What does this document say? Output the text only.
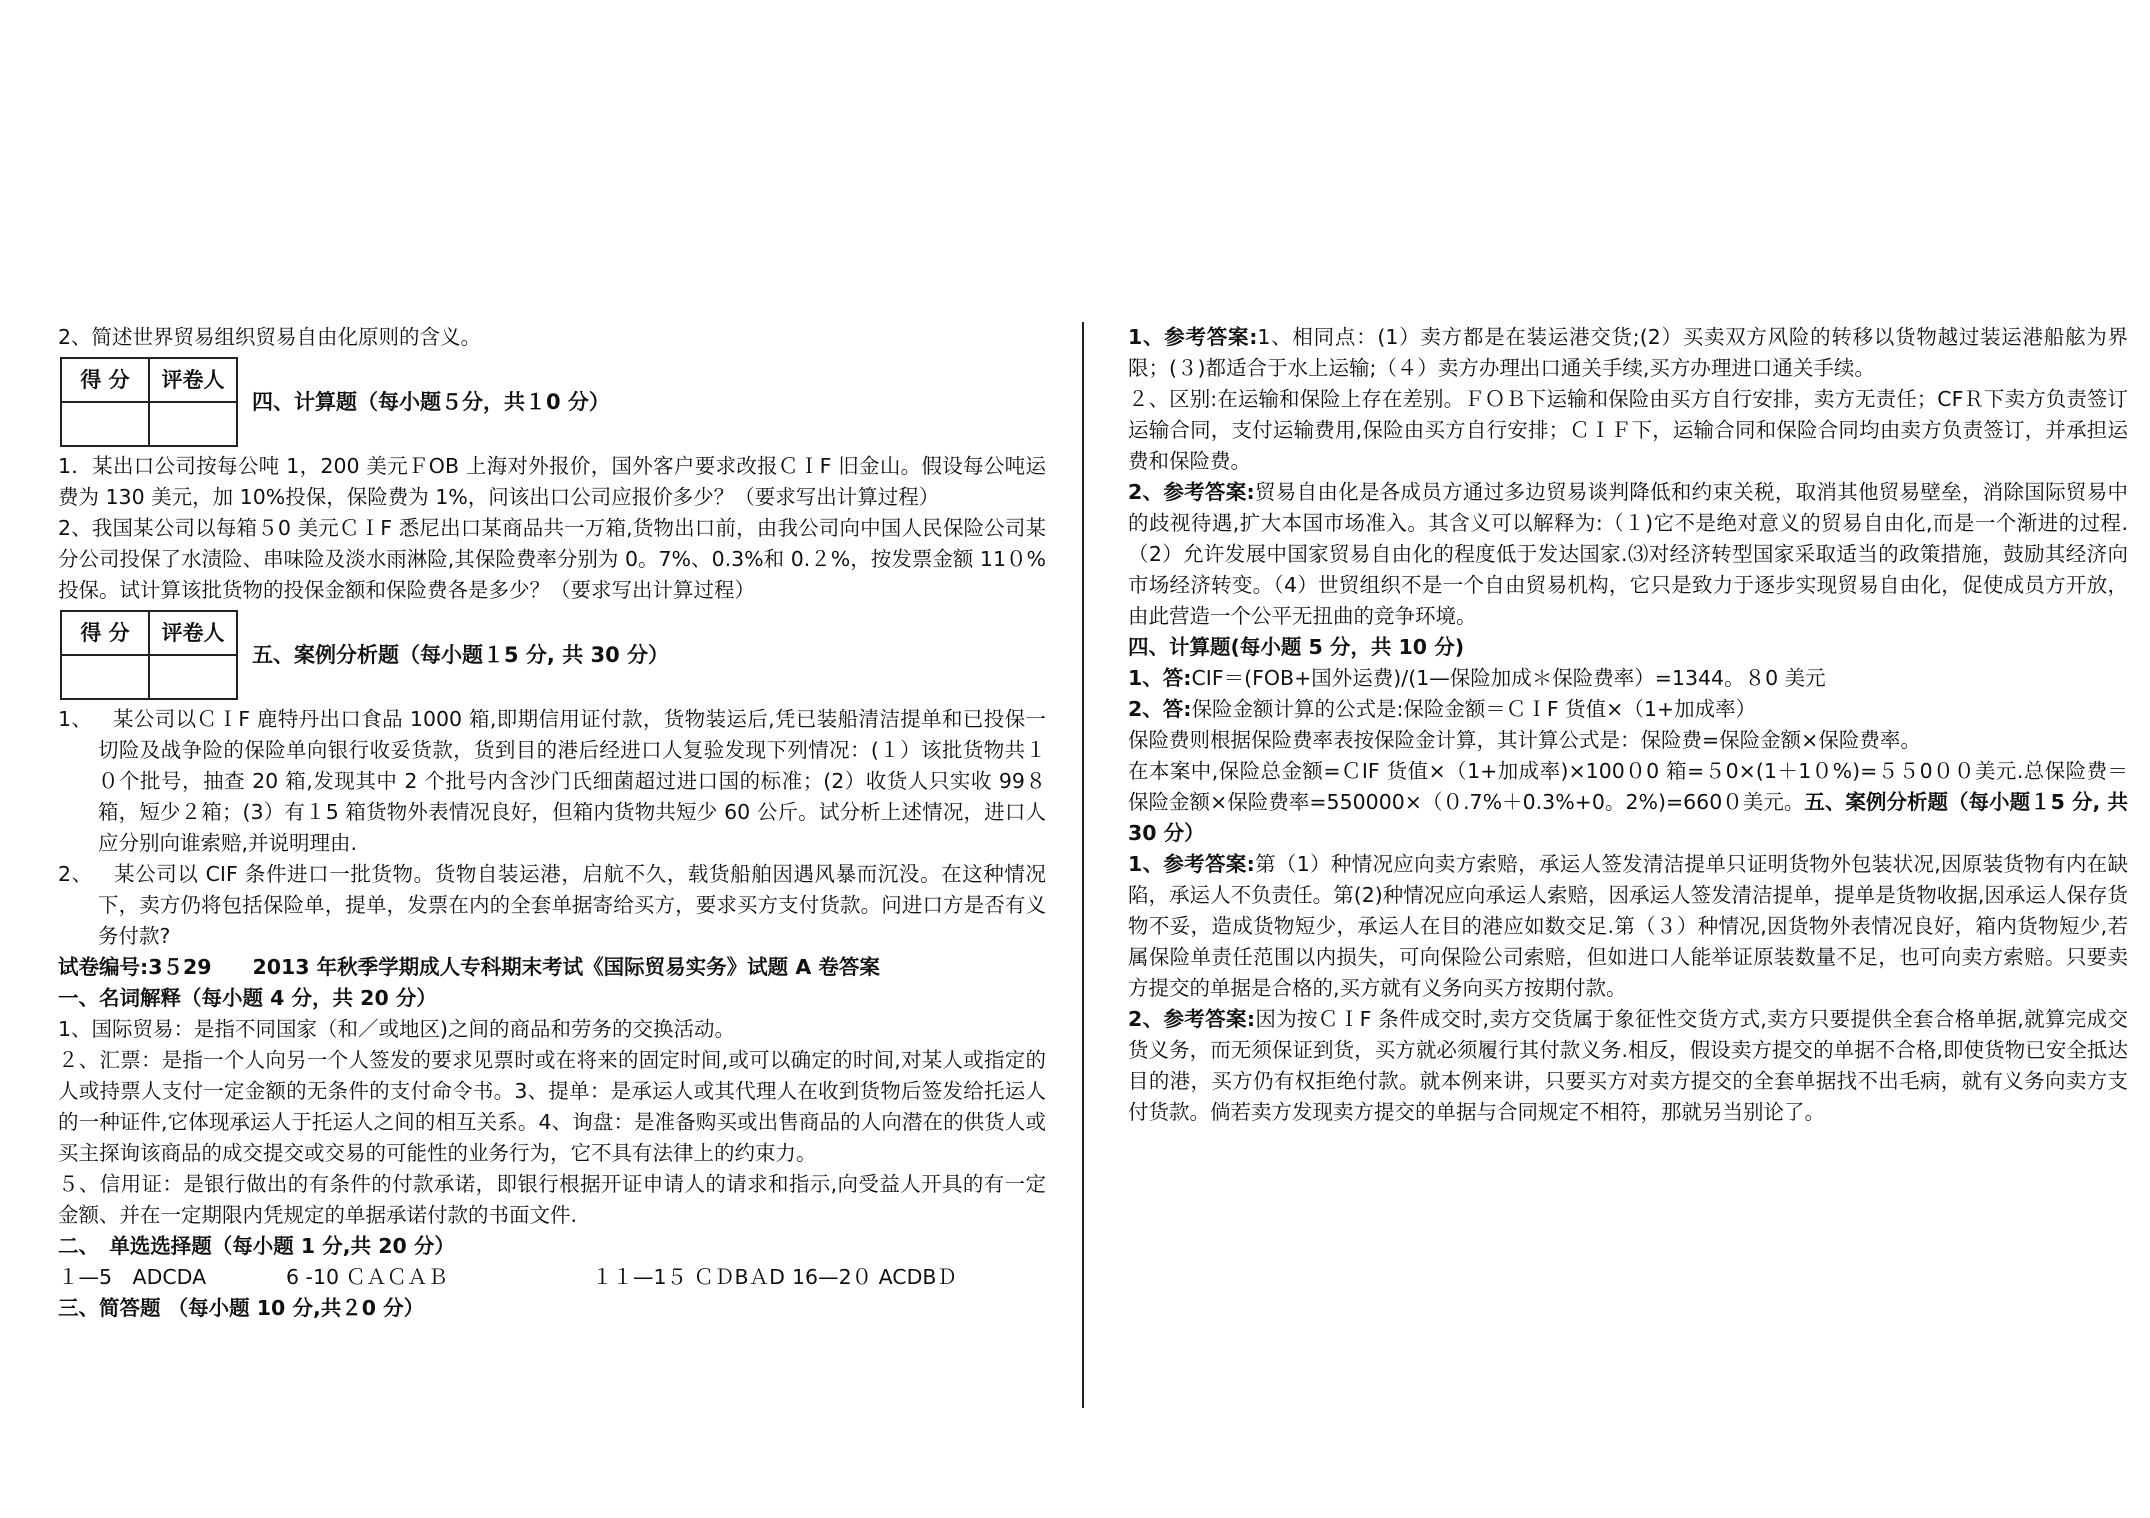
2、简述世界贸易组织贸易自由化原则的含义。

得 分	评卷人

四、计算题（每小题５分，共１0 分）

1．某出口公司按每公吨 1，200 美元ＦOB 上海对外报价，国外客户要求改报ＣＩF 旧金山。假设每公吨运费为 130 美元，加 10%投保，保险费为 1%，问该出口公司应报价多少？（要求写出计算过程）

2、我国某公司以每箱５0 美元ＣＩF 悉尼出口某商品共一万箱,货物出口前，由我公司向中国人民保险公司某分公司投保了水渍险、串味险及淡水雨淋险,其保险费率分别为 0。7%、0.3%和 0.２%，按发票金额 11０%投保。试计算该批货物的投保金额和保险费各是多少？（要求写出计算过程）

得 分	评卷人

五、案例分析题（每小题１5 分, 共 30 分）

1、 某公司以ＣＩF 鹿特丹出口食品 1000 箱,即期信用证付款，货物装运后,凭已装船清洁提单和已投保一切险及战争险的保险单向银行收妥货款，货到目的港后经进口人复验发现下列情况：(１）该批货物共１０个批号，抽查 20 箱,发现其中 2 个批号内含沙门氏细菌超过进口国的标准；(2）收货人只实收 99８箱，短少２箱；(3）有１5 箱货物外表情况良好，但箱内货物共短少 60 公斤。试分析上述情况，进口人应分别向谁索赔,并说明理由.

2、 某公司以 CIF 条件进口一批货物。货物自装运港，启航不久，载货船舶因遇风暴而沉没。在这种情况下，卖方仍将包括保险单，提单，发票在内的全套单据寄给买方，要求买方支付货款。问进口方是否有义务付款?

试卷编号:3５29　　2013 年秋季学期成人专科期末考试《国际贸易实务》试题 A 卷答案

一、名词解释（每小题 4 分，共 20 分）

1、国际贸易：是指不同国家（和／或地区)之间的商品和劳务的交换活动。

２、汇票：是指一个人向另一个人签发的要求见票时或在将来的固定时间,或可以确定的时间,对某人或指定的人或持票人支付一定金额的无条件的支付命令书。3、提单：是承运人或其代理人在收到货物后签发给托运人的一种证件,它体现承运人于托运人之间的相互关系。4、询盘：是准备购买或出售商品的人向潜在的供货人或买主探询该商品的成交提交或交易的可能性的业务行为，它不具有法律上的约束力。

５、信用证：是银行做出的有条件的付款承诺，即银行根据开证申请人的请求和指示,向受益人开具的有一定金额、并在一定期限内凭规定的单据承诺付款的书面文件.

二、　单选选择题（每小题 1 分,共 20 分）

１—5　ADCDA	6 -10 ＣＡＣＡＢ	１１—1５ ＣＤBＡD 16—2０ ACDBＤ

三、简答题 （每小题 10 分,共２0 分）

1、参考答案:1、相同点：(1）卖方都是在装运港交货;(2）买卖双方风险的转移以货物越过装运港船舷为界限；(３)都适合于水上运输;（４）卖方办理出口通关手续,买方办理进口通关手续。

２、区别:在运输和保险上存在差别。ＦＯＢ下运输和保险由买方自行安排，卖方无责任；CFＲ下卖方负责签订运输合同，支付运输费用,保险由买方自行安排；ＣＩＦ下，运输合同和保险合同均由卖方负责签订，并承担运费和保险费。

2、参考答案:贸易自由化是各成员方通过多边贸易谈判降低和约束关税，取消其他贸易壁垒，消除国际贸易中的歧视待遇,扩大本国市场准入。其含义可以解释为:（１)它不是绝对意义的贸易自由化,而是一个渐进的过程.（2）允许发展中国家贸易自由化的程度低于发达国家.⑶对经济转型国家采取适当的政策措施，鼓励其经济向市场经济转变。（4）世贸组织不是一个自由贸易机构，它只是致力于逐步实现贸易自由化，促使成员方开放，由此营造一个公平无扭曲的竞争环境。

四、计算题(每小题 5 分，共 10 分)

1、答:CIF＝(FOB+国外运费)/(1—保险加成＊保险费率）=1344。８0 美元

2、答:保险金额计算的公式是:保险金额＝ＣＩF 货值×（1+加成率）

保险费则根据保险费率表按保险金计算，其计算公式是：保险费=保险金额×保险费率。

在本案中,保险总金额=ＣIF 货值×（1+加成率)×100０0 箱=５0×(1＋1０%)=５５0００美元.总保险费＝保险金额×保险费率=550000×（０.7%＋0.3%+0。2%)=660０美元。五、案例分析题（每小题１5 分, 共 30 分）

1、参考答案:第（1）种情况应向卖方索赔，承运人签发清洁提单只证明货物外包装状况,因原装货物有内在缺陷，承运人不负责任。第(2)种情况应向承运人索赔，因承运人签发清洁提单，提单是货物收据,因承运人保存货物不妥，造成货物短少，承运人在目的港应如数交足.第（３）种情况,因货物外表情况良好，箱内货物短少,若属保险单责任范围以内损失，可向保险公司索赔，但如进口人能举证原装数量不足，也可向卖方索赔。只要卖方提交的单据是合格的,买方就有义务向买方按期付款。

2、参考答案:因为按ＣＩF 条件成交时,卖方交货属于象征性交货方式,卖方只要提供全套合格单据,就算完成交货义务，而无须保证到货，买方就必须履行其付款义务.相反，假设卖方提交的单据不合格,即使货物已安全抵达目的港，买方仍有权拒绝付款。就本例来讲，只要买方对卖方提交的全套单据找不出毛病，就有义务向卖方支付货款。倘若卖方发现卖方提交的单据与合同规定不相符，那就另当别论了。
